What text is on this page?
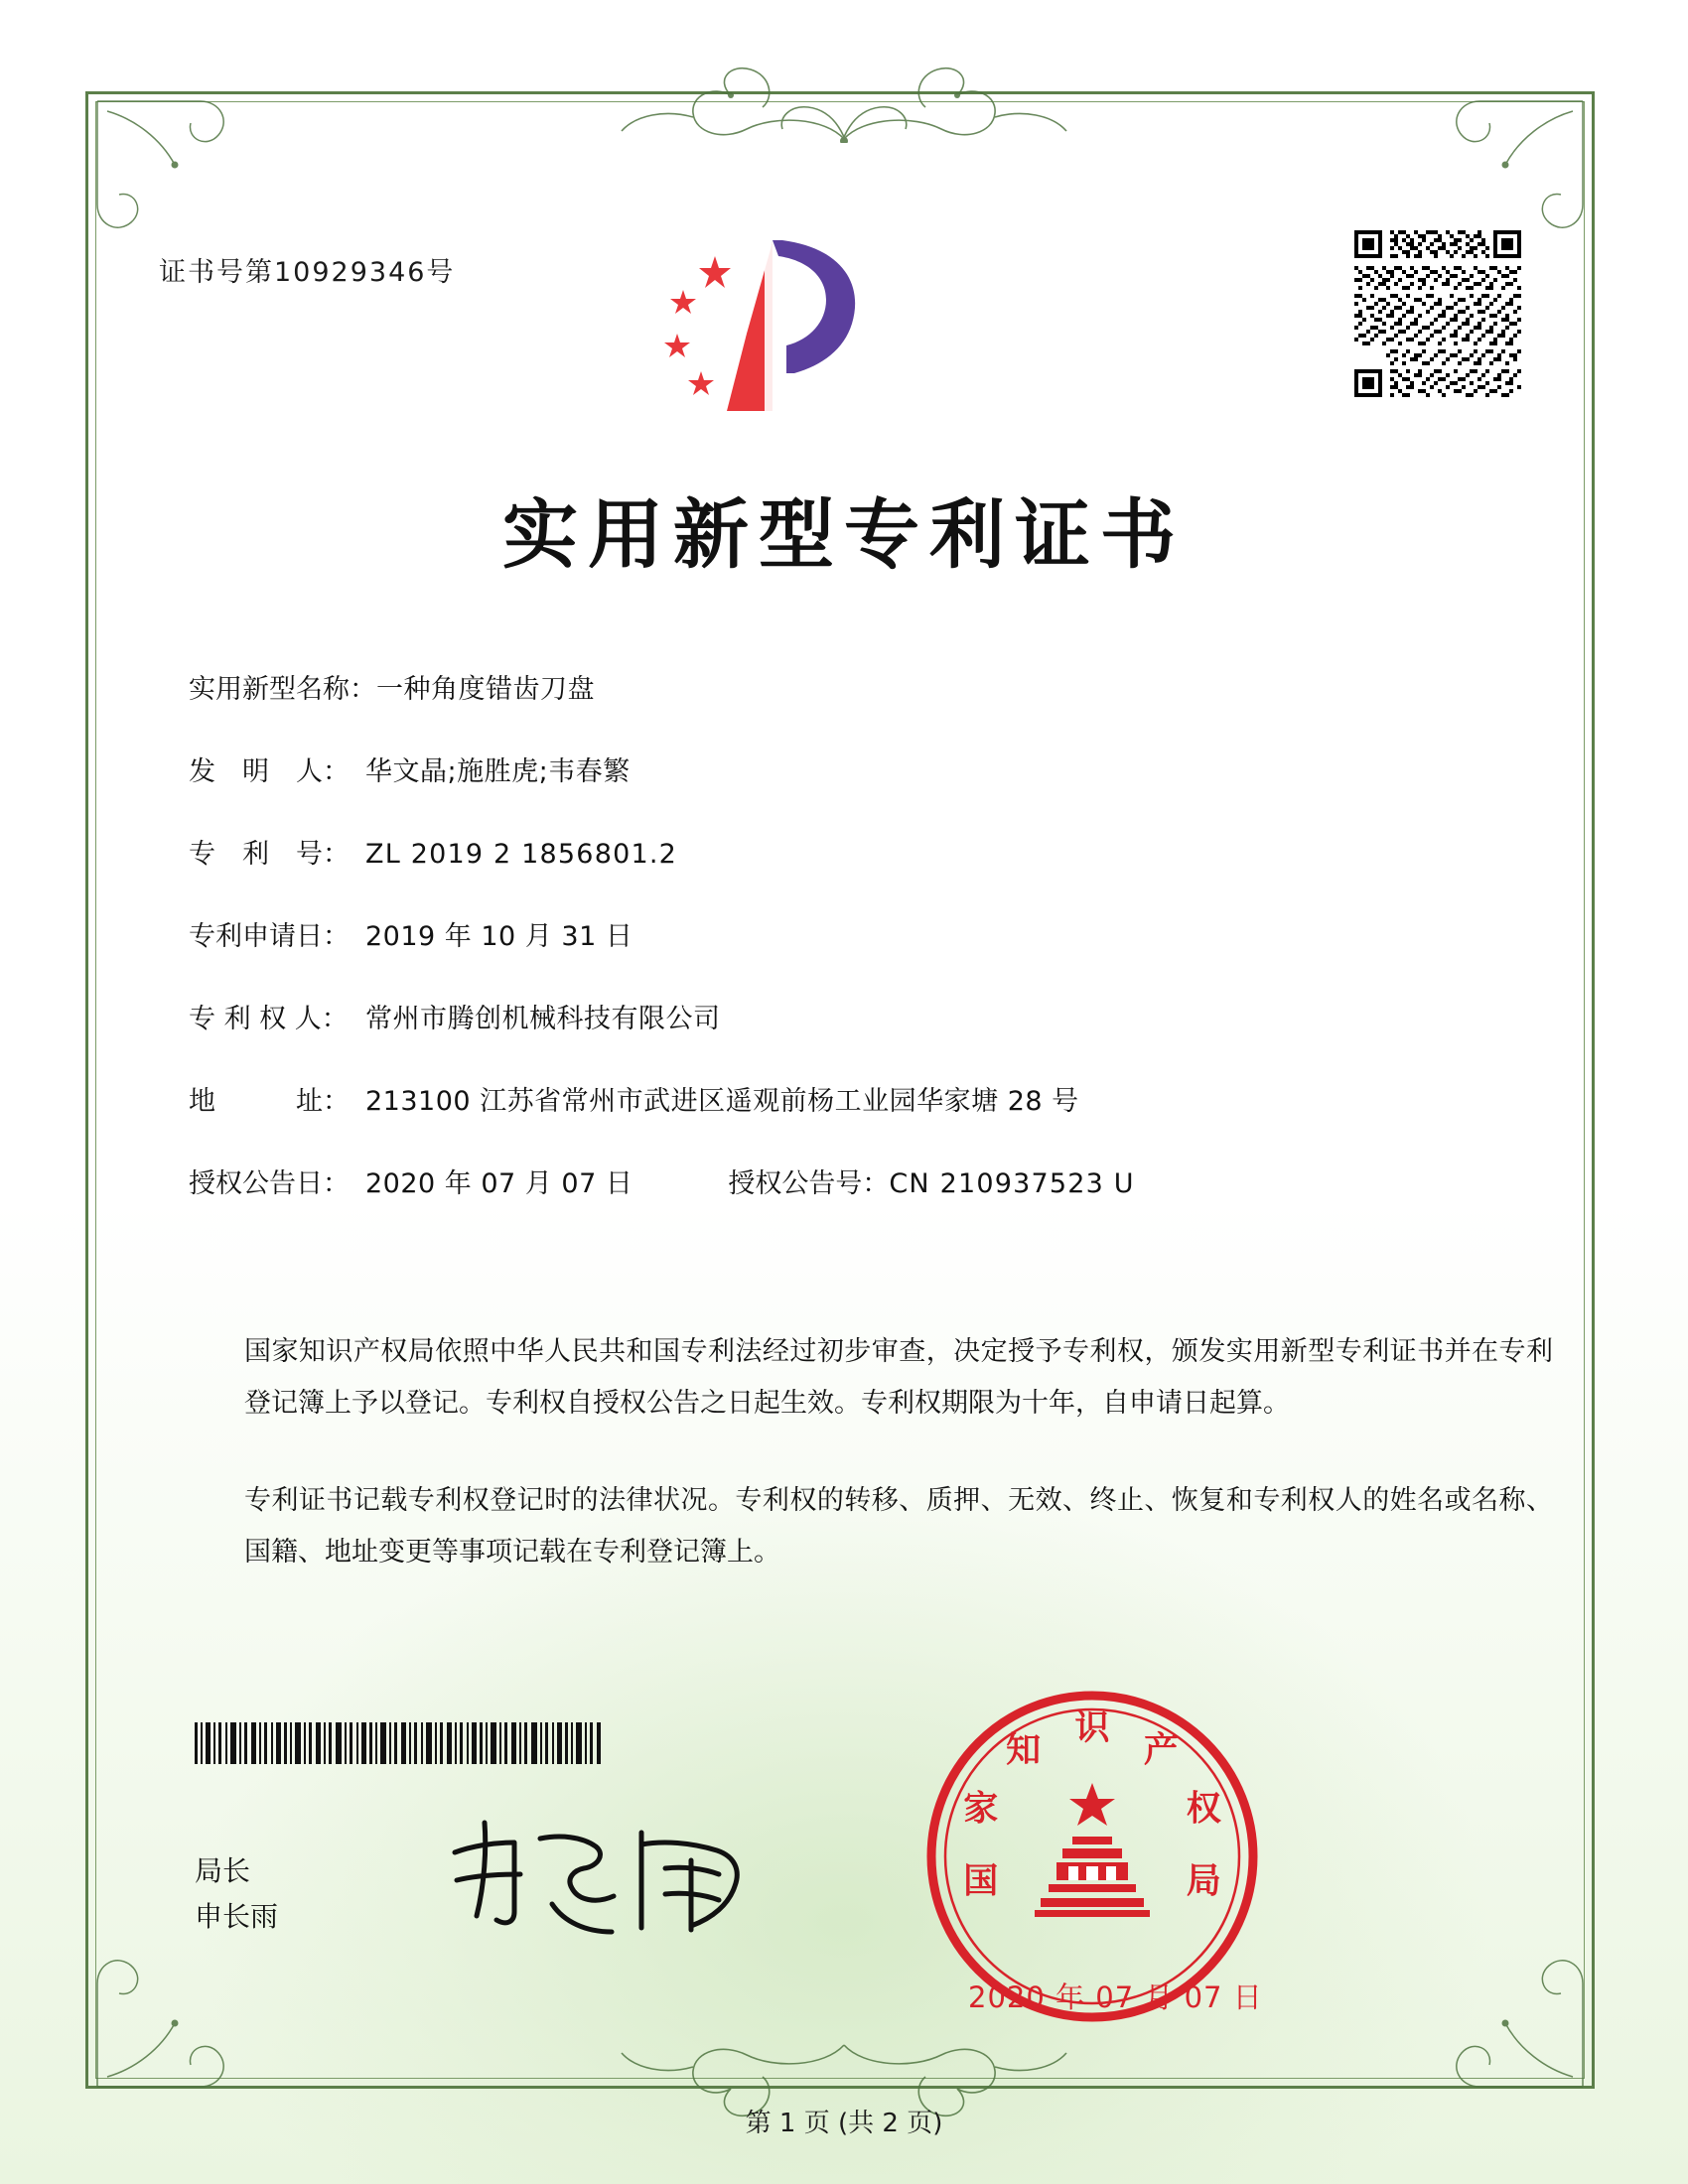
证书号第10929346号
实用新型专利证书
实用新型名称： 一种角度错齿刀盘
发　明　人： 华文晶;施胜虎;韦春繁
专　利　号： ZL 2019 2 1856801.2
专利申请日： 2019 年 10 月 31 日
专 利 权 人： 常州市腾创机械科技有限公司
地　　　址： 213100 江苏省常州市武进区遥观前杨工业园华家塘 28 号
授权公告日： 2020 年 07 月 07 日	授权公告号： CN 210937523 U
国家知识产权局依照中华人民共和国专利法经过初步审查，决定授予专利权，颁发实用新型专利证书并在专利登记簿上予以登记。专利权自授权公告之日起生效。专利权期限为十年，自申请日起算。
专利证书记载专利权登记时的法律状况。专利权的转移、质押、无效、终止、恢复和专利权人的姓名或名称、国籍、地址变更等事项记载在专利登记簿上。
局长
申长雨
国
家
知
识
产
权
局
2020 年 07 月 07 日
第 1 页 (共 2 页)
